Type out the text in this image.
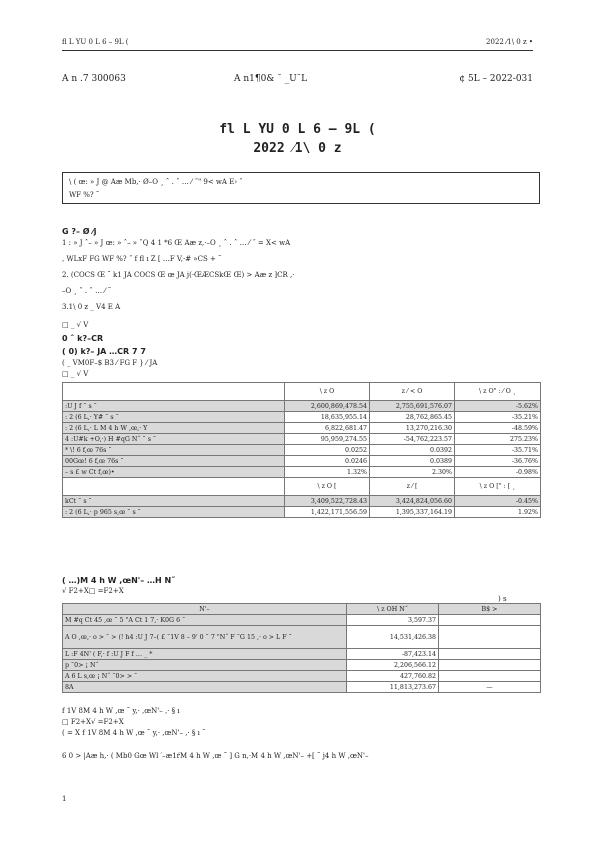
fl L YU 0 L 6 – 9L (	2022 ⁄1\ 0 z •
A n .7 300063	A n1¶0& ˘ _U˘L	¢ 5L – 2022-031
fl L YU 0 L 6 – 9L (
2022 ⁄1\ 0 z
\ ( œ: » J @ Aæ Mb,· Ø–O ¸ ˆ . ˆ … ⁄ ˝" 9< wA E› ˆ
WF %? ˜
G ?– Ø ⁄j
1 : » J ˆ– » J œ: » ˆ– » ˆQ 4 1 *6 Œ Aæ z,·–O ¸ ˆ . ˆ … ⁄ ˝ = X< wA
, WLxF FG WF %? ˝ f fl ı Z [ …F V,·# »CS + ˜
2. (COCS Œ ˜ k1 JA COCS Œ œ JA j(·ŒÆCSkŒ Œ) > Aæ z ]CR ,·
–O ¸ ˆ . ˆ … ⁄ ˜
3.1\ 0 z _ V4 E A
□ _ √ V
0 ˆ k?–CR
( 0) k?– JA …CR 7 7
( _ VM0F–$ B3 ⁄ FG F } ⁄ JA
□ _ √ V
	\ z O	z ⁄ < O	\ z O" : ⁄ O ¸
:U J f ˜ s ˜	2,600,869,478.54	2,755,691,576.07	-5.62%
: 2 (6 L,· Y# ˜ s ˜	18,635,955.14	28,762,865.45	-35.21%
: 2 (6 L,· L M 4 h W ,œ,· Y	6,822,681.47	13,270,216.30	-48.59%
4 :U#k +O,·) H #qG N˝ ˜ s ˜	95,959,274.55	-54,762,223.57	275.23%
* \! 6 f,œ 76s ˜	0.0252	0.0392	-35.71%
00Gœ! 6 f,œ 76s ˜	0.0246	0.0389	-36.76%
– s £ w Ct f,œ)•	1.32%	2.30%	-0.98%
	\ z O [	z ⁄ [	\ z O [" : [ ¸
kCt ˜ s ˜	3,409,522,728.43	3,424,824,056.60	-0.45%
: 2 (6 L,· p 965 s,œ ˜ s ˜	1,422,171,556.59	1,395,337,164.19	1.92%
( …)M 4 h W ,œN'– …H N˝
√ F2+X□ =F2+X
) s
N'–	\ z OH N˝	B$ >
M #q Ct 45 ,œ ˜ 5 "A Ct 1 7,· K0G 6 ˜	3,597.37	
A O ,œ,· o > ˜ > (! h4 :U J 7–( £ ˜1V 8 – 9' 0 ˜ 7 "N˝ F ˜G 15 ,· o > L F ˜	14,531,426.38	
L :F 4N' ( F,· f :U J F f … _ *	-87,423.14	
p ˜0> ¡ N˝	2,206,566.12	
A 6 L s,œ ¡ N˝ ˜0> > ˜	427,760.82	
8A	11,813,273.67	—
f 1V 8M 4 h W ,œ ˜ y,· ,œN'– ,· § ı
□ F2+X√ =F2+X
( = X f 1V 8M 4 h W ,œ ˜ y,· ,œN'– ,· § ı ˜
6 0 > |Aæ h,· ( Mb0 Gœ Wl ′–æ1ŕM 4 h W ,œ ˜ ] G n,·M 4 h W ,œN'– +[ ˜ j4 h W ,œN'–
1
